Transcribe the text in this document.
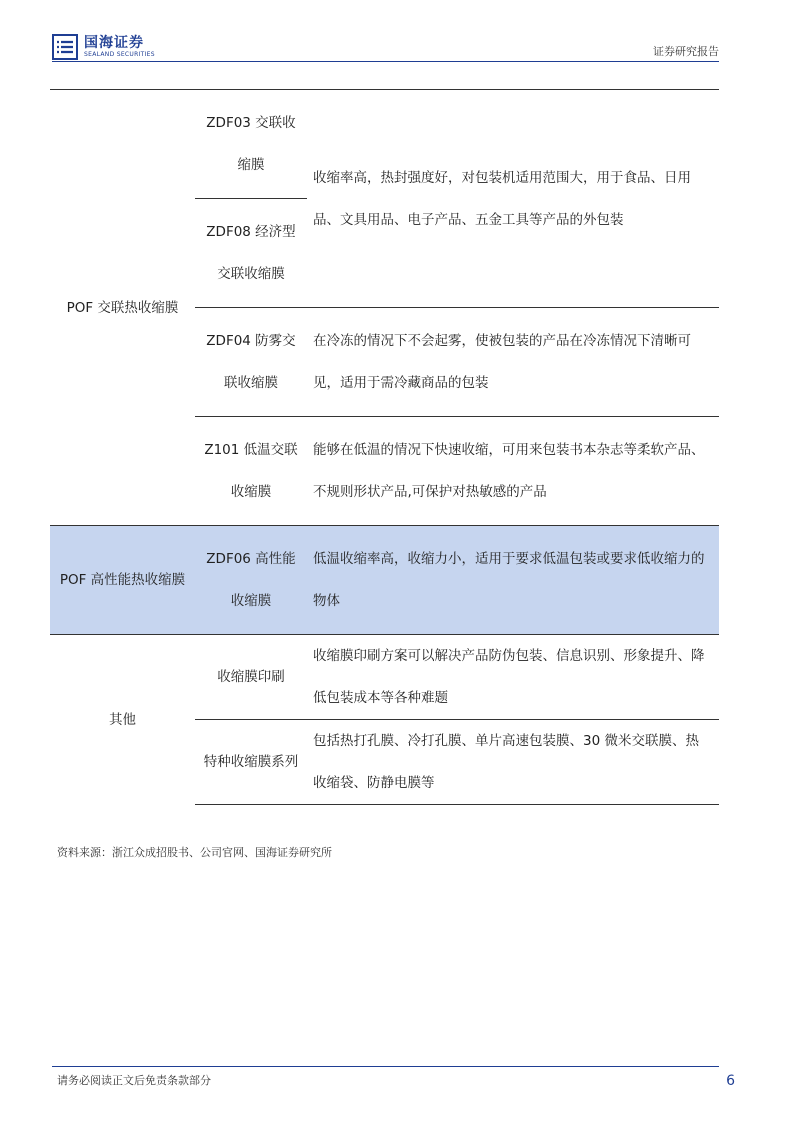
国海证券
SEALAND SECURITIES	证券研究报告
POF 交联热收缩膜	ZDF03 交联收缩膜	收缩率高，热封强度好，对包装机适用范围大，用于食品、日用品、文具用品、电子产品、五金工具等产品的外包装
	ZDF08 经济型交联收缩膜	
	ZDF04 防雾交联收缩膜	在冷冻的情况下不会起雾，使被包装的产品在冷冻情况下清晰可见，适用于需冷藏商品的包装
	Z101 低温交联收缩膜	能够在低温的情况下快速收缩，可用来包装书本杂志等柔软产品、不规则形状产品,可保护对热敏感的产品
POF 高性能热收缩膜	ZDF06 高性能收缩膜	低温收缩率高，收缩力小，适用于要求低温包装或要求低收缩力的物体
其他	收缩膜印刷	收缩膜印刷方案可以解决产品防伪包装、信息识别、形象提升、降低包装成本等各种难题
	特种收缩膜系列	包括热打孔膜、冷打孔膜、单片高速包装膜、30 微米交联膜、热收缩袋、防静电膜等
资料来源：浙江众成招股书、公司官网、国海证券研究所
请务必阅读正文后免责条款部分	6
